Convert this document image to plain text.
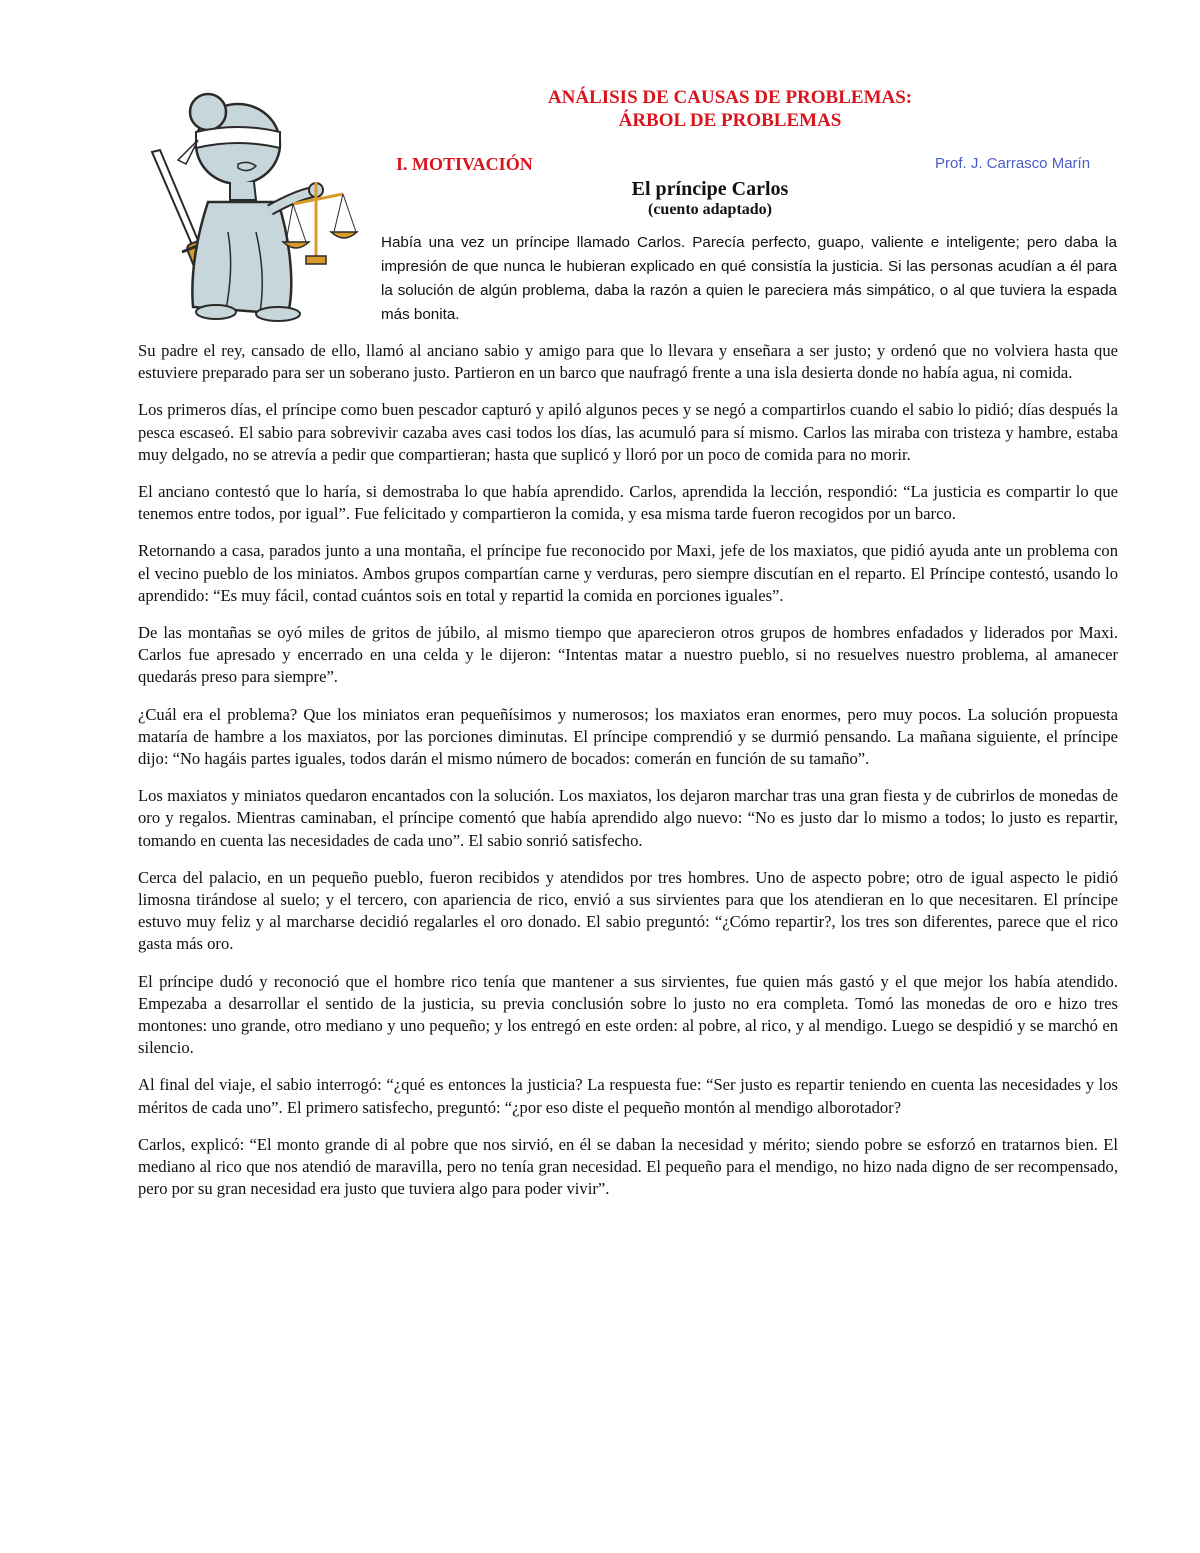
ANÁLISIS DE CAUSAS DE PROBLEMAS:
ÁRBOL DE PROBLEMAS
I. MOTIVACIÓN	Prof. J. Carrasco Marín
El príncipe Carlos
(cuento adaptado)

Había una vez un príncipe llamado Carlos. Parecía perfecto, guapo, valiente e inteligente; pero daba la impresión de que nunca le hubieran explicado en qué consistía la justicia. Si las personas acudían a él para la solución de algún problema, daba la razón a quien le pareciera más simpático, o al que tuviera la espada más bonita.

Su padre el rey, cansado de ello, llamó al anciano sabio y amigo para que lo llevara y enseñara a ser justo; y ordenó que no volviera hasta que estuviere preparado para ser un soberano justo. Partieron en un barco que naufragó frente a una isla desierta donde no había agua, ni comida.

Los primeros días, el príncipe como buen pescador capturó y apiló algunos peces y se negó a compartirlos cuando el sabio lo pidió; días después la pesca escaseó. El sabio para sobrevivir cazaba aves casi todos los días, las acumuló para sí mismo. Carlos las miraba con tristeza y hambre, estaba muy delgado, no se atrevía a pedir que compartieran; hasta que suplicó y lloró por un poco de comida para no morir.

El anciano contestó que lo haría, si demostraba lo que había aprendido. Carlos, aprendida la lección, respondió: “La justicia es compartir lo que tenemos entre todos, por igual”. Fue felicitado y compartieron la comida, y esa misma tarde fueron recogidos por un barco.

Retornando a casa, parados junto a una montaña, el príncipe fue reconocido por Maxi, jefe de los maxiatos, que pidió ayuda ante un problema con el vecino pueblo de los miniatos. Ambos grupos compartían carne y verduras, pero siempre discutían en el reparto. El Príncipe contestó, usando lo aprendido: “Es muy fácil, contad cuántos sois en total y repartid la comida en porciones iguales”.

De las montañas se oyó miles de gritos de júbilo, al mismo tiempo que aparecieron otros grupos de hombres enfadados y liderados por Maxi. Carlos fue apresado y encerrado en una celda y le dijeron: “Intentas matar a nuestro pueblo, si no resuelves nuestro problema, al amanecer quedarás preso para siempre”.

¿Cuál era el problema? Que los miniatos eran pequeñísimos y numerosos; los maxiatos eran enormes, pero muy pocos. La solución propuesta mataría de hambre a los maxiatos, por las porciones diminutas. El príncipe comprendió y se durmió pensando. La mañana siguiente, el príncipe dijo: “No hagáis partes iguales, todos darán el mismo número de bocados: comerán en función de su tamaño”.

Los maxiatos y miniatos quedaron encantados con la solución. Los maxiatos, los dejaron marchar tras una gran fiesta y de cubrirlos de monedas de oro y regalos. Mientras caminaban, el príncipe comentó que había aprendido algo nuevo: “No es justo dar lo mismo a todos; lo justo es repartir, tomando en cuenta las necesidades de cada uno”. El sabio sonrió satisfecho.

Cerca del palacio, en un pequeño pueblo, fueron recibidos y atendidos por tres hombres. Uno de aspecto pobre; otro de igual aspecto le pidió limosna tirándose al suelo; y el tercero, con apariencia de rico, envió a sus sirvientes para que los atendieran en lo que necesitaren. El príncipe estuvo muy feliz y al marcharse decidió regalarles el oro donado. El sabio preguntó: “¿Cómo repartir?, los tres son diferentes, parece que el rico gasta más oro.

El príncipe dudó y reconoció que el hombre rico tenía que mantener a sus sirvientes, fue quien más gastó y el que mejor los había atendido. Empezaba a desarrollar el sentido de la justicia, su previa conclusión sobre lo justo no era completa. Tomó las monedas de oro e hizo tres montones: uno grande, otro mediano y uno pequeño; y los entregó en este orden: al pobre, al rico, y al mendigo. Luego se despidió y se marchó en silencio.

Al final del viaje, el sabio interrogó: “¿qué es entonces la justicia? La respuesta fue: “Ser justo es repartir teniendo en cuenta las necesidades y los méritos de cada uno”. El primero satisfecho, preguntó: “¿por eso diste el pequeño montón al mendigo alborotador?

Carlos, explicó: “El monto grande di al pobre que nos sirvió, en él se daban la necesidad y mérito; siendo pobre se esforzó en tratarnos bien. El mediano al rico que nos atendió de maravilla, pero no tenía gran necesidad. El pequeño para el mendigo, no hizo nada digno de ser recompensado, pero por su gran necesidad era justo que tuviera algo para poder vivir”.
